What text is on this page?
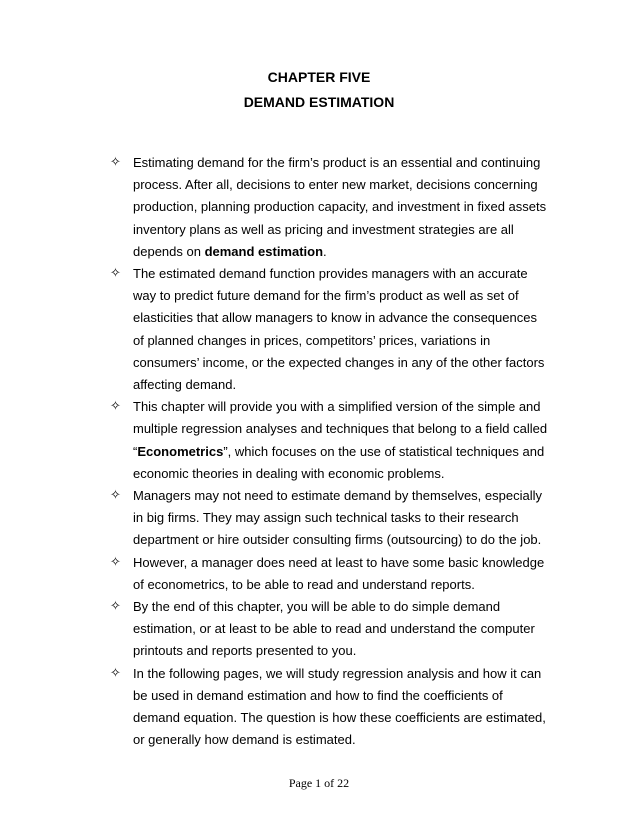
CHAPTER FIVE
DEMAND ESTIMATION
✧ Estimating demand for the firm’s product is an essential and continuing process. After all, decisions to enter new market, decisions concerning production, planning production capacity, and investment in fixed assets inventory plans as well as pricing and investment strategies are all depends on demand estimation.
✧ The estimated demand function provides managers with an accurate way to predict future demand for the firm’s product as well as set of elasticities that allow managers to know in advance the consequences of planned changes in prices, competitors’ prices, variations in consumers’ income, or the expected changes in any of the other factors affecting demand.
✧ This chapter will provide you with a simplified version of the simple and multiple regression analyses and techniques that belong to a field called “Econometrics”, which focuses on the use of statistical techniques and economic theories in dealing with economic problems.
✧ Managers may not need to estimate demand by themselves, especially in big firms. They may assign such technical tasks to their research department or hire outsider consulting firms (outsourcing) to do the job.
✧ However, a manager does need at least to have some basic knowledge of econometrics, to be able to read and understand reports.
✧ By the end of this chapter, you will be able to do simple demand estimation, or at least to be able to read and understand the computer printouts and reports presented to you.
✧ In the following pages, we will study regression analysis and how it can be used in demand estimation and how to find the coefficients of demand equation. The question is how these coefficients are estimated, or generally how demand is estimated.
Page 1 of 22
